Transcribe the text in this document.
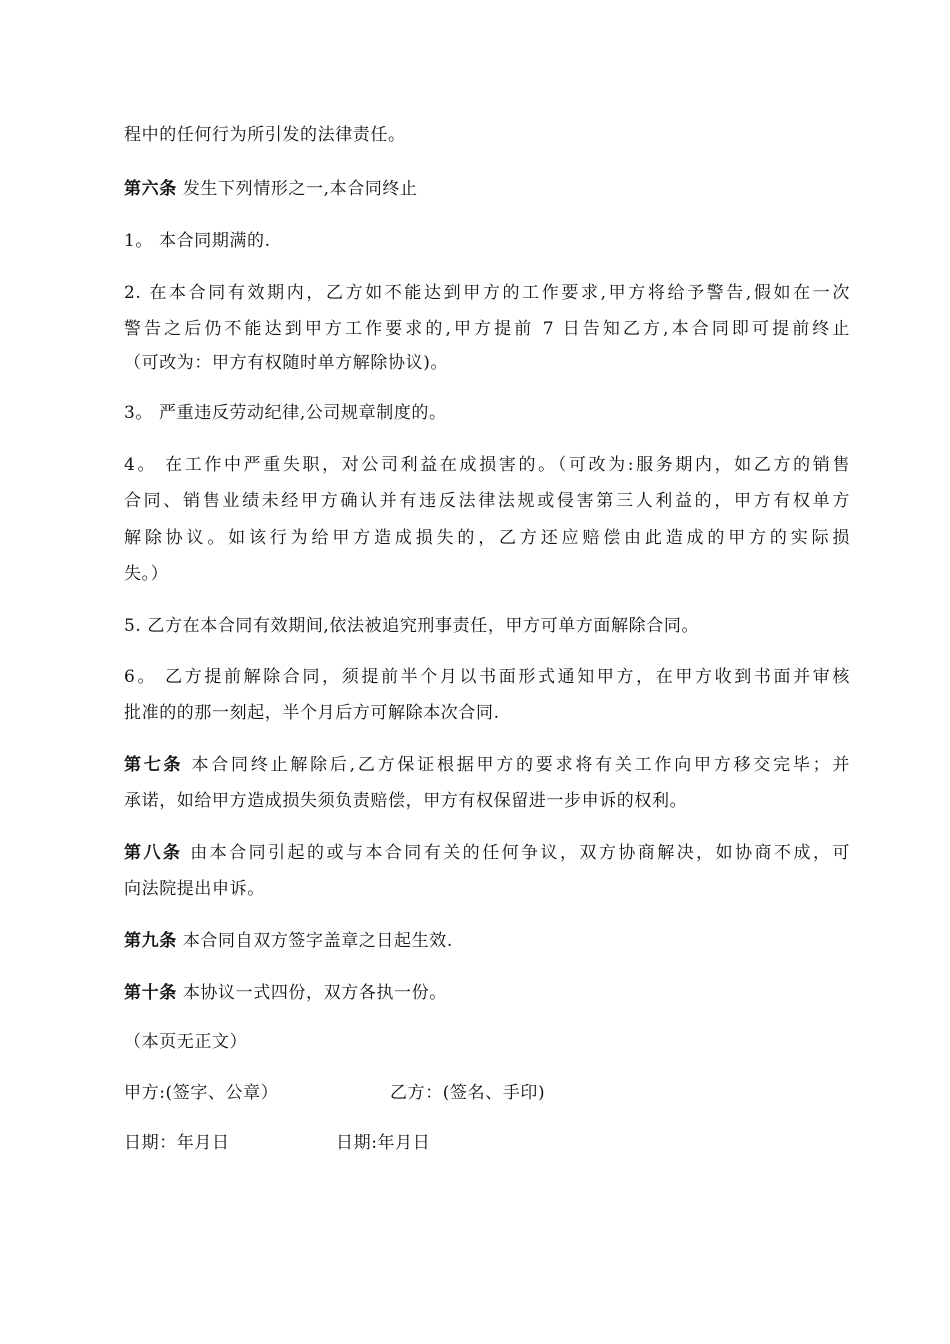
程中的任何行为所引发的法律责任。
第六条 发生下列情形之一,本合同终止
1。 本合同期满的.
2. 在本合同有效期内，乙方如不能达到甲方的工作要求,甲方将给予警告,假如在一次
警告之后仍不能达到甲方工作要求的,甲方提前 7 日告知乙方,本合同即可提前终止
（可改为：甲方有权随时单方解除协议)。
3。 严重违反劳动纪律,公司规章制度的。
4。 在工作中严重失职，对公司利益在成损害的。（可改为:服务期内，如乙方的销售
合同、销售业绩未经甲方确认并有违反法律法规或侵害第三人利益的，甲方有权单方
解除协议。如该行为给甲方造成损失的，乙方还应赔偿由此造成的甲方的实际损
失。）
5. 乙方在本合同有效期间,依法被追究刑事责任，甲方可单方面解除合同。
6。 乙方提前解除合同，须提前半个月以书面形式通知甲方，在甲方收到书面并审核
批准的的那一刻起，半个月后方可解除本次合同.
第七条 本合同终止解除后,乙方保证根据甲方的要求将有关工作向甲方移交完毕；并
承诺，如给甲方造成损失须负责赔偿，甲方有权保留进一步申诉的权利。
第八条 由本合同引起的或与本合同有关的任何争议，双方协商解决，如协商不成，可
向法院提出申诉。
第九条 本合同自双方签字盖章之日起生效.
第十条 本协议一式四份，双方各执一份。
（本页无正文）
甲方:(签字、公章）	乙方：(签名、手印)
日期：年月日	日期:年月日
